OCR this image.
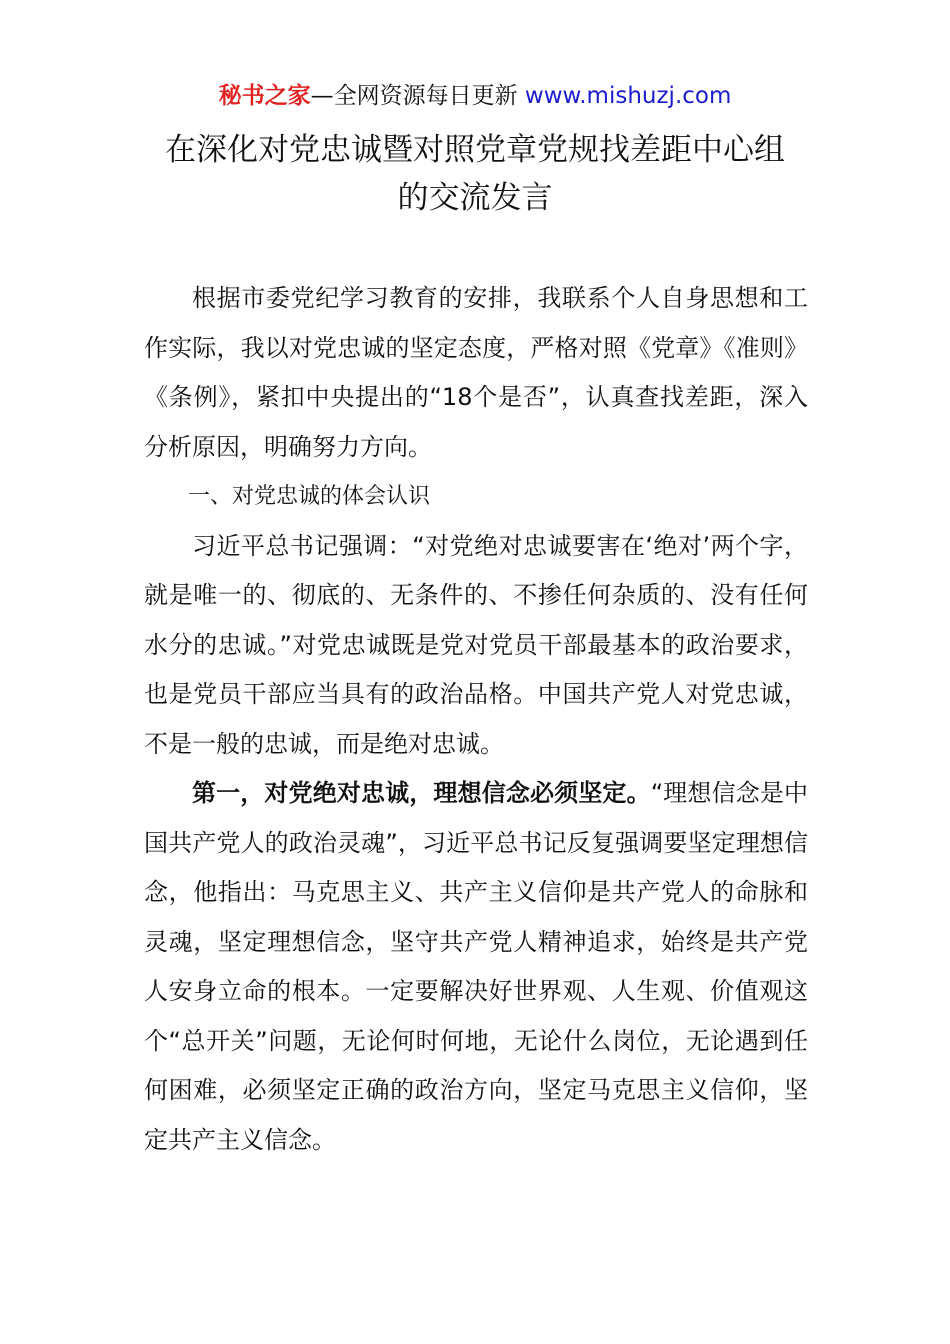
秘书之家—全网资源每日更新 www.mishuzj.com
在深化对党忠诚暨对照党章党规找差距中心组
的交流发言

根据市委党纪学习教育的安排，我联系个人自身思想和工作实际，我以对党忠诚的坚定态度，严格对照《党章》《准则》《条例》，紧扣中央提出的“18个是否”，认真查找差距，深入分析原因，明确努力方向。

一、对党忠诚的体会认识

习近平总书记强调：“对党绝对忠诚要害在‘绝对’两个字，就是唯一的、彻底的、无条件的、不掺任何杂质的、没有任何水分的忠诚。”对党忠诚既是党对党员干部最基本的政治要求，也是党员干部应当具有的政治品格。中国共产党人对党忠诚，不是一般的忠诚，而是绝对忠诚。

第一，对党绝对忠诚，理想信念必须坚定。“理想信念是中国共产党人的政治灵魂”，习近平总书记反复强调要坚定理想信念，他指出：马克思主义、共产主义信仰是共产党人的命脉和灵魂，坚定理想信念，坚守共产党人精神追求，始终是共产党人安身立命的根本。一定要解决好世界观、人生观、价值观这个“总开关”问题，无论何时何地，无论什么岗位，无论遇到任何困难，必须坚定正确的政治方向，坚定马克思主义信仰，坚定共产主义信念。
